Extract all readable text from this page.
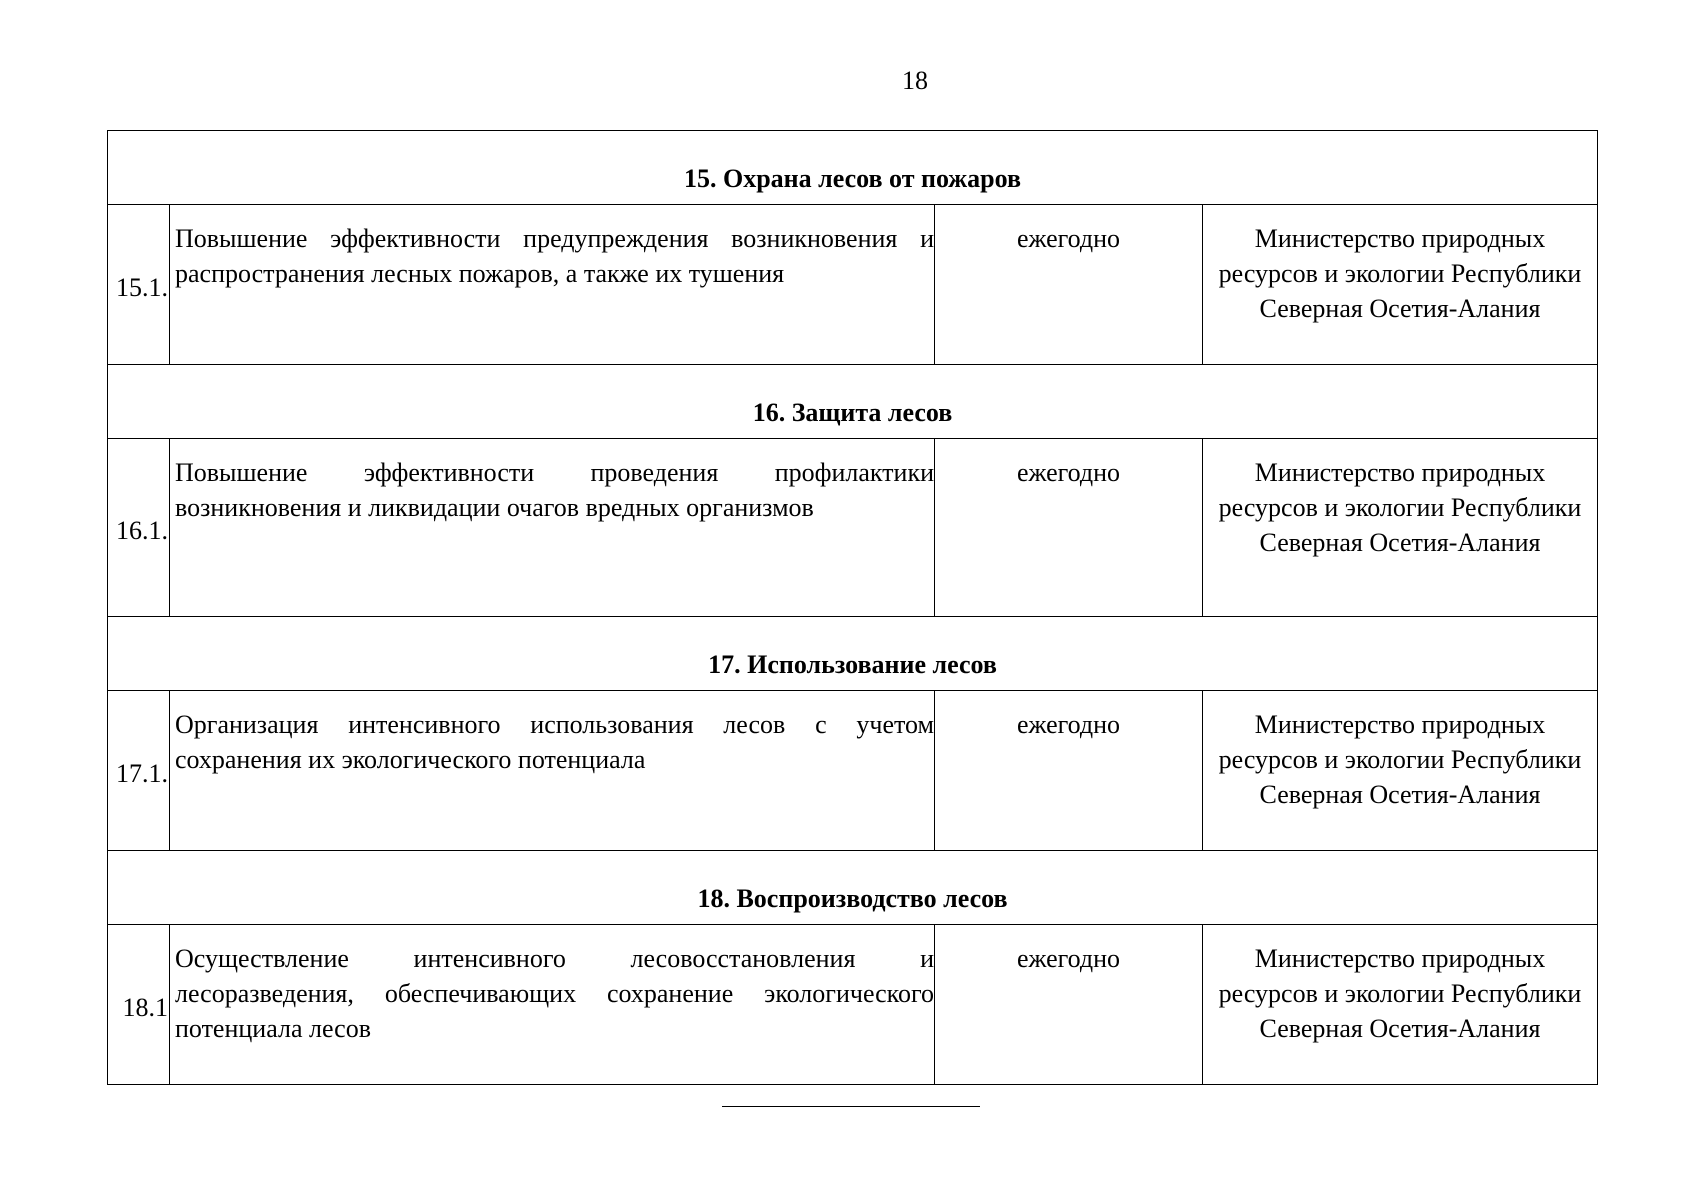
18
15. Охрана лесов от пожаров			
15.1.	Повышение эффективности предупреждения возникновения и распространения лесных пожаров, а также их тушения	ежегодно	Министерство природных ресурсов и экологии Республики Северная Осетия-Алания
16. Защита лесов			
16.1.	Повышение эффективности проведения профилактики возникновения и ликвидации очагов вредных организмов	ежегодно	Министерство природных ресурсов и экологии Республики Северная Осетия-Алания
17. Использование лесов			
17.1.	Организация интенсивного использования лесов с учетом сохранения их экологического потенциала	ежегодно	Министерство природных ресурсов и экологии Республики Северная Осетия-Алания
18. Воспроизводство лесов			
18.1	Осуществление интенсивного лесовосстановления и лесоразведения, обеспечивающих сохранение экологического потенциала лесов	ежегодно	Министерство природных ресурсов и экологии Республики Северная Осетия-Алания
